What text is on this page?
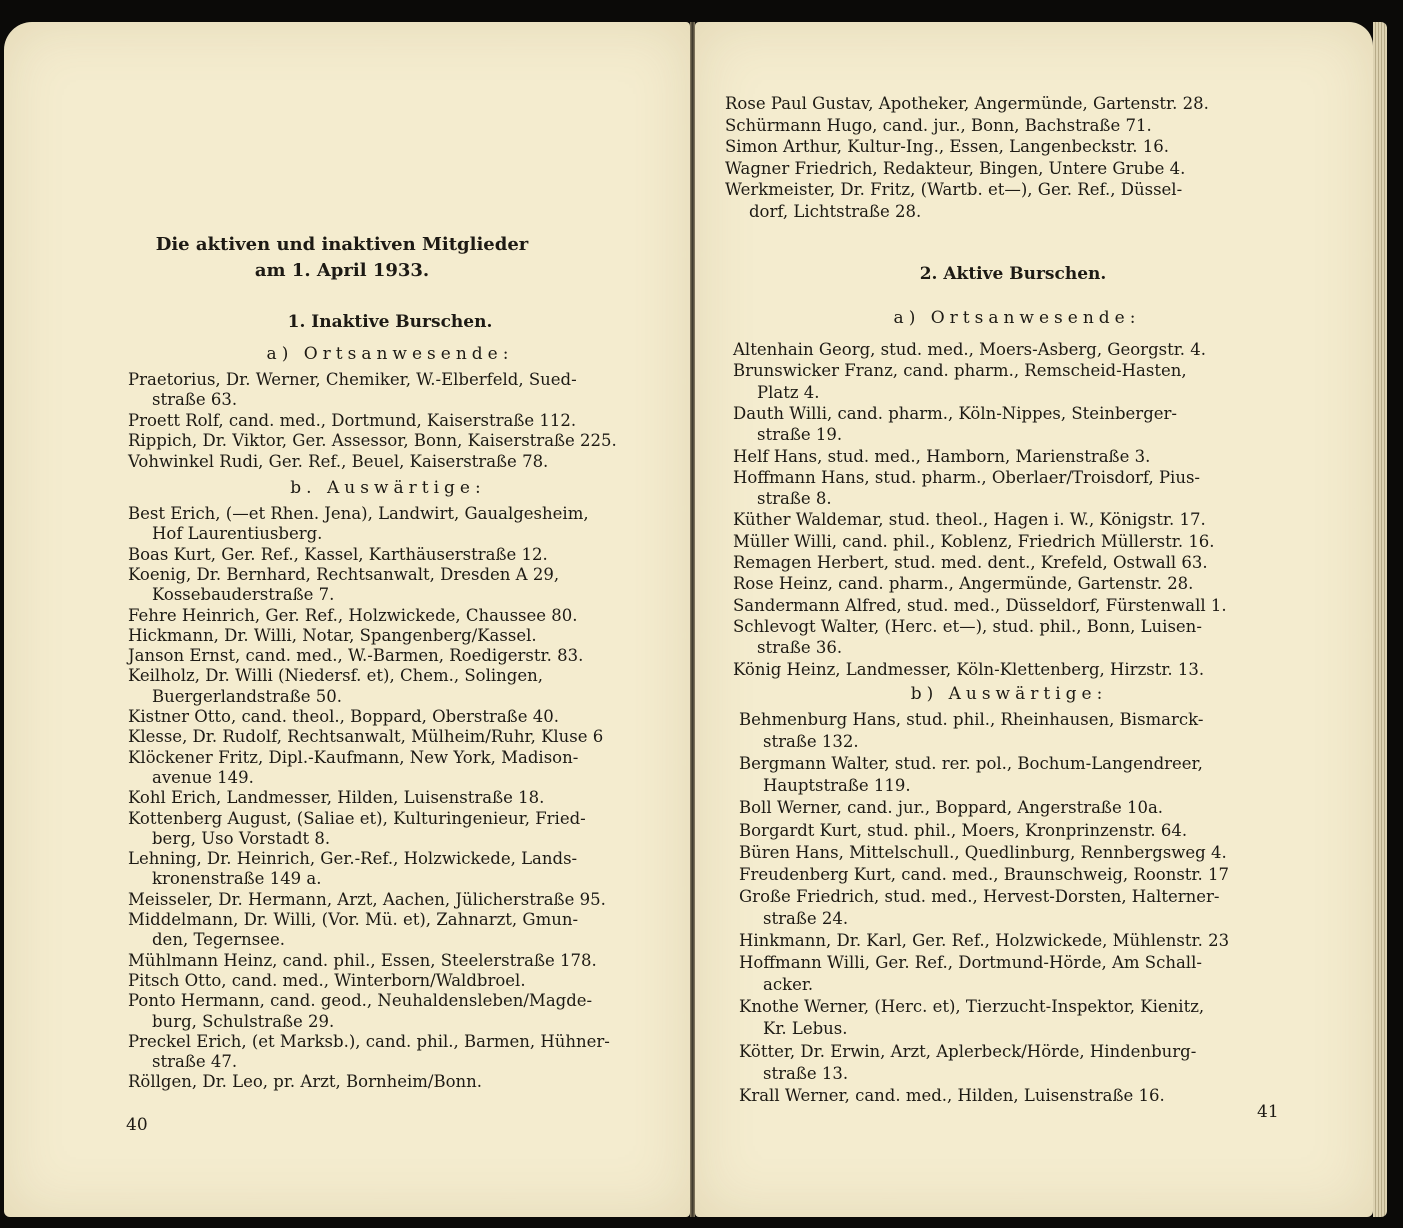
Die aktiven und inaktiven Mitglieder
am 1. April 1933.
1. Inaktive Burschen.
a) Ortsanwesende:
Praetorius, Dr. Werner, Chemiker, W.-Elberfeld, Sued-
straße 63.
Proett Rolf, cand. med., Dortmund, Kaiserstraße 112.
Rippich, Dr. Viktor, Ger. Assessor, Bonn, Kaiserstraße 225.
Vohwinkel Rudi, Ger. Ref., Beuel, Kaiserstraße 78.
b. Auswärtige:
Best Erich, (—et Rhen. Jena), Landwirt, Gaualgesheim,
Hof Laurentiusberg.
Boas Kurt, Ger. Ref., Kassel, Karthäuserstraße 12.
Koenig, Dr. Bernhard, Rechtsanwalt, Dresden A 29,
Kossebauderstraße 7.
Fehre Heinrich, Ger. Ref., Holzwickede, Chaussee 80.
Hickmann, Dr. Willi, Notar, Spangenberg/Kassel.
Janson Ernst, cand. med., W.-Barmen, Roedigerstr. 83.
Keilholz, Dr. Willi (Niedersf. et), Chem., Solingen,
Buergerlandstraße 50.
Kistner Otto, cand. theol., Boppard, Oberstraße 40.
Klesse, Dr. Rudolf, Rechtsanwalt, Mülheim/Ruhr, Kluse 6
Klöckener Fritz, Dipl.-Kaufmann, New York, Madison-
avenue 149.
Kohl Erich, Landmesser, Hilden, Luisenstraße 18.
Kottenberg August, (Saliae et), Kulturingenieur, Fried-
berg, Uso Vorstadt 8.
Lehning, Dr. Heinrich, Ger.-Ref., Holzwickede, Lands-
kronenstraße 149 a.
Meisseler, Dr. Hermann, Arzt, Aachen, Jülicherstraße 95.
Middelmann, Dr. Willi, (Vor. Mü. et), Zahnarzt, Gmun-
den, Tegernsee.
Mühlmann Heinz, cand. phil., Essen, Steelerstraße 178.
Pitsch Otto, cand. med., Winterborn/Waldbroel.
Ponto Hermann, cand. geod., Neuhaldensleben/Magde-
burg, Schulstraße 29.
Preckel Erich, (et Marksb.), cand. phil., Barmen, Hühner-
straße 47.
Röllgen, Dr. Leo, pr. Arzt, Bornheim/Bonn.
40
Rose Paul Gustav, Apotheker, Angermünde, Gartenstr. 28.
Schürmann Hugo, cand. jur., Bonn, Bachstraße 71.
Simon Arthur, Kultur-Ing., Essen, Langenbeckstr. 16.
Wagner Friedrich, Redakteur, Bingen, Untere Grube 4.
Werkmeister, Dr. Fritz, (Wartb. et—), Ger. Ref., Düssel-
dorf, Lichtstraße 28.
2. Aktive Burschen.
a) Ortsanwesende:
Altenhain Georg, stud. med., Moers-Asberg, Georgstr. 4.
Brunswicker Franz, cand. pharm., Remscheid-Hasten,
Platz 4.
Dauth Willi, cand. pharm., Köln-Nippes, Steinberger-
straße 19.
Helf Hans, stud. med., Hamborn, Marienstraße 3.
Hoffmann Hans, stud. pharm., Oberlaer/Troisdorf, Pius-
straße 8.
Küther Waldemar, stud. theol., Hagen i. W., Königstr. 17.
Müller Willi, cand. phil., Koblenz, Friedrich Müllerstr. 16.
Remagen Herbert, stud. med. dent., Krefeld, Ostwall 63.
Rose Heinz, cand. pharm., Angermünde, Gartenstr. 28.
Sandermann Alfred, stud. med., Düsseldorf, Fürstenwall 1.
Schlevogt Walter, (Herc. et—), stud. phil., Bonn, Luisen-
straße 36.
König Heinz, Landmesser, Köln-Klettenberg, Hirzstr. 13.
b) Auswärtige:
Behmenburg Hans, stud. phil., Rheinhausen, Bismarck-
straße 132.
Bergmann Walter, stud. rer. pol., Bochum-Langendreer,
Hauptstraße 119.
Boll Werner, cand. jur., Boppard, Angerstraße 10a.
Borgardt Kurt, stud. phil., Moers, Kronprinzenstr. 64.
Büren Hans, Mittelschull., Quedlinburg, Rennbergsweg 4.
Freudenberg Kurt, cand. med., Braunschweig, Roonstr. 17
Große Friedrich, stud. med., Hervest-Dorsten, Halterner-
straße 24.
Hinkmann, Dr. Karl, Ger. Ref., Holzwickede, Mühlenstr. 23
Hoffmann Willi, Ger. Ref., Dortmund-Hörde, Am Schall-
acker.
Knothe Werner, (Herc. et), Tierzucht-Inspektor, Kienitz,
Kr. Lebus.
Kötter, Dr. Erwin, Arzt, Aplerbeck/Hörde, Hindenburg-
straße 13.
Krall Werner, cand. med., Hilden, Luisenstraße 16.
41
